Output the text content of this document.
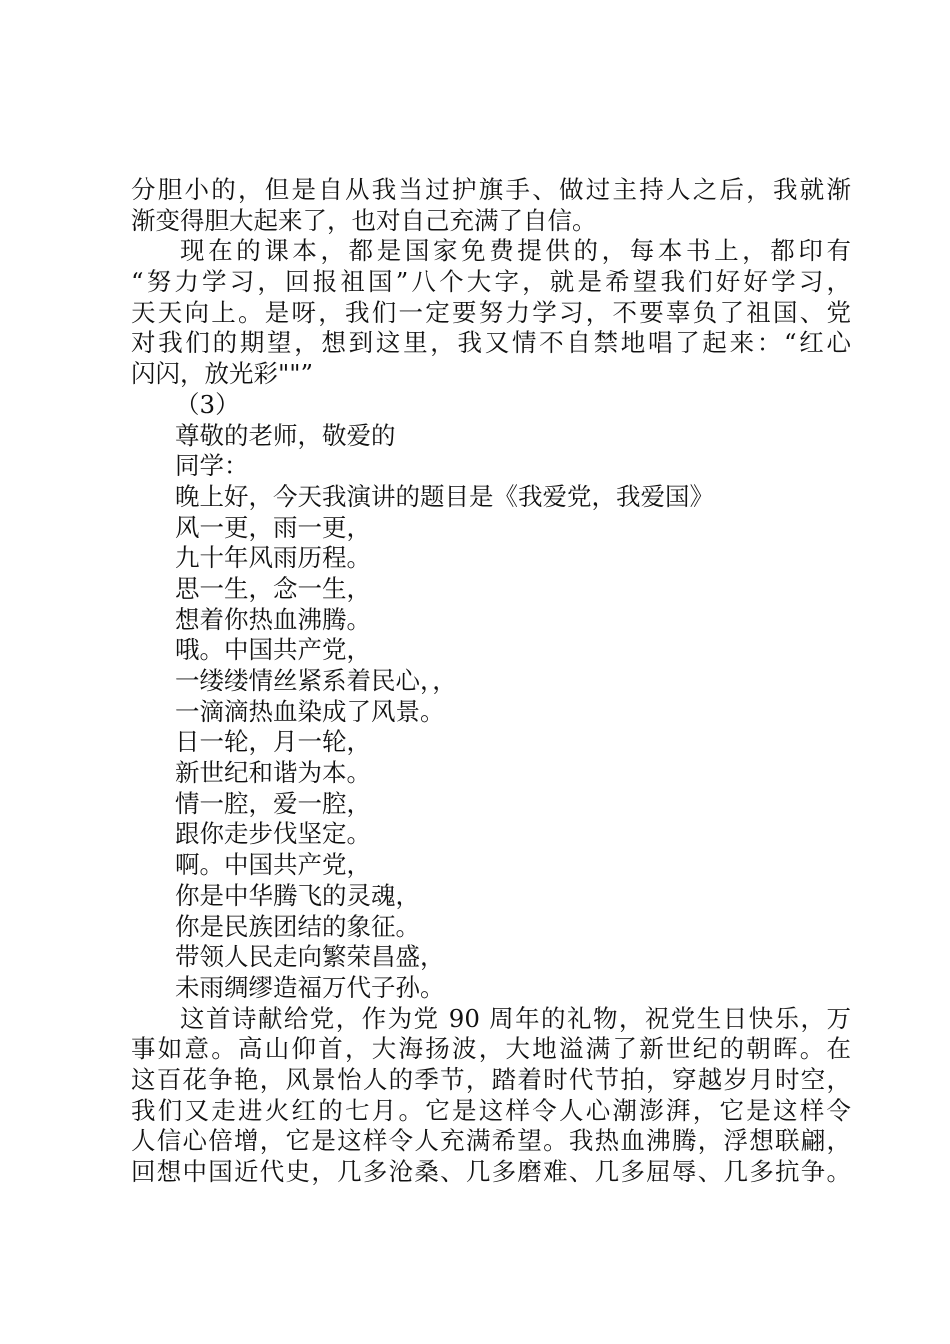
分胆小的，但是自从我当过护旗手、做过主持人之后，我就渐
渐变得胆大起来了，也对自己充满了自信。
现在的课本，都是国家免费提供的，每本书上，都印有
“努力学习，回报祖国”八个大字，就是希望我们好好学习，
天天向上。是呀，我们一定要努力学习，不要辜负了祖国、党
对我们的期望，想到这里，我又情不自禁地唱了起来：“红心
闪闪，放光彩""”
（3）
尊敬的老师，敬爱的
同学：
晚上好，今天我演讲的题目是《我爱党，我爱国》
风一更，雨一更，
九十年风雨历程。
思一生，念一生，
想着你热血沸腾。
哦。中国共产党，
一缕缕情丝紧系着民心，，
一滴滴热血染成了风景。
日一轮，月一轮，
新世纪和谐为本。
情一腔，爱一腔，
跟你走步伐坚定。
啊。中国共产党，
你是中华腾飞的灵魂，
你是民族团结的象征。
带领人民走向繁荣昌盛，
未雨绸缪造福万代子孙。
这首诗献给党，作为党 90 周年的礼物，祝党生日快乐，万
事如意。高山仰首，大海扬波，大地溢满了新世纪的朝晖。在
这百花争艳，风景怡人的季节，踏着时代节拍，穿越岁月时空，
我们又走进火红的七月。它是这样令人心潮澎湃，它是这样令
人信心倍增，它是这样令人充满希望。我热血沸腾，浮想联翩，
回想中国近代史，几多沧桑、几多磨难、几多屈辱、几多抗争。
